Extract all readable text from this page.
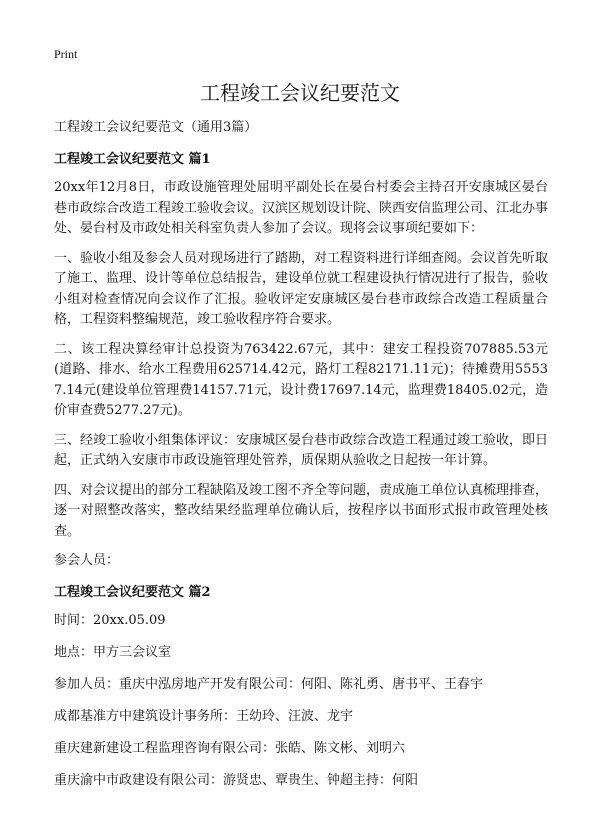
Print
工程竣工会议纪要范文

工程竣工会议纪要范文（通用3篇）

工程竣工会议纪要范文 篇1

20xx年12月8日，市政设施管理处屈明平副处长在晏台村委会主持召开安康城区晏台巷市政综合改造工程竣工验收会议。汉滨区规划设计院、陕西安信监理公司、江北办事处、晏台村及市政处相关科室负责人参加了会议。现将会议事项纪要如下：

一、验收小组及参会人员对现场进行了踏勘，对工程资料进行详细查阅。会议首先听取了施工、监理、设计等单位总结报告，建设单位就工程建设执行情况进行了报告，验收小组对检查情况向会议作了汇报。验收评定安康城区晏台巷市政综合改造工程质量合格，工程资料整编规范，竣工验收程序符合要求。

二、该工程决算经审计总投资为763422.67元，其中：建安工程投资707885.53元(道路、排水、给水工程费用625714.42元，路灯工程82171.11元)；待摊费用55537.14元(建设单位管理费14157.71元，设计费17697.14元，监理费18405.02元，造价审查费5277.27元)。

三、经竣工验收小组集体评议：安康城区晏台巷市政综合改造工程通过竣工验收，即日起，正式纳入安康市市政设施管理处管养，质保期从验收之日起按一年计算。

四、对会议提出的部分工程缺陷及竣工图不齐全等问题，责成施工单位认真梳理排查，逐一对照整改落实，整改结果经监理单位确认后，按程序以书面形式报市政管理处核查。

参会人员：

工程竣工会议纪要范文 篇2

时间：20xx.05.09

地点：甲方三会议室

参加人员：重庆中泓房地产开发有限公司：何阳、陈礼勇、唐书平、王春宇

成都基准方中建筑设计事务所：王幼玲、汪波、龙宇

重庆建新建设工程监理咨询有限公司：张皓、陈文彬、刘明六

重庆渝中市政建设有限公司：游贤忠、覃贵生、钟超主持：何阳
